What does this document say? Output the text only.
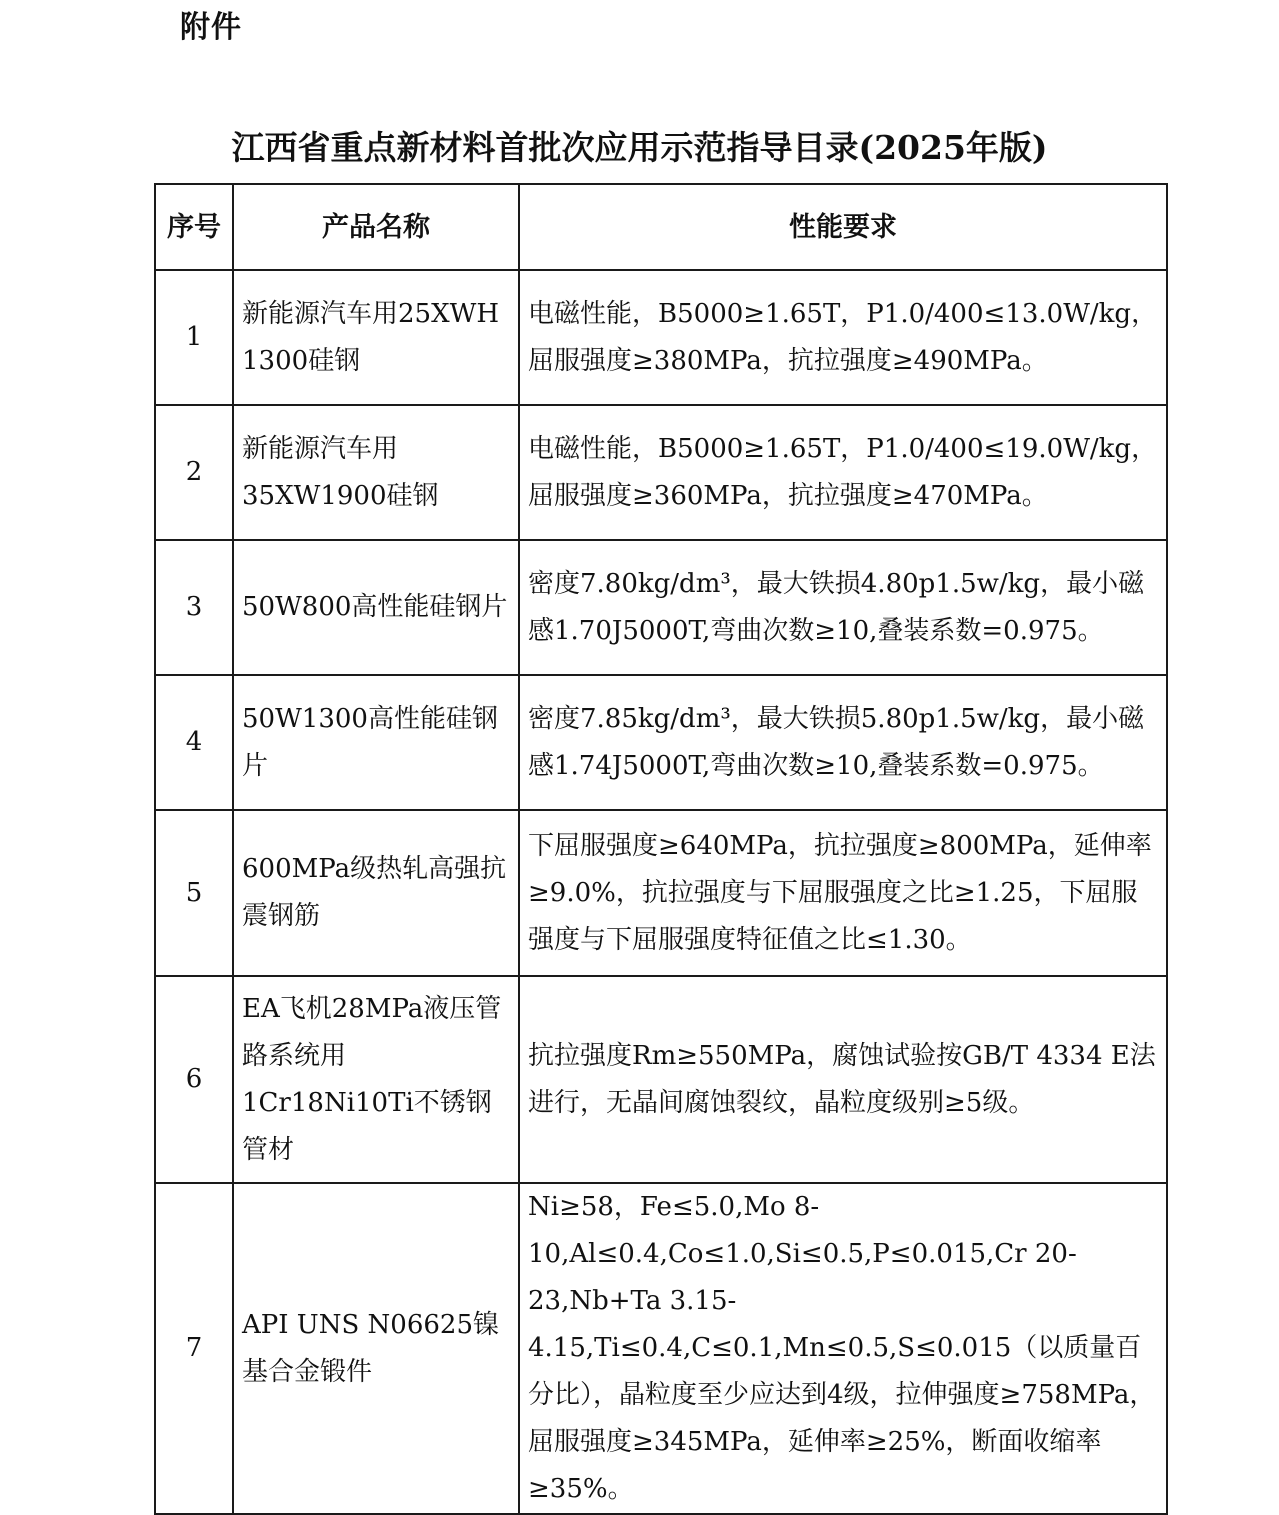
附件
江西省重点新材料首批次应用示范指导目录(2025年版)
序号	产品名称	性能要求
1	新能源汽车用25XWH 1300硅钢	电磁性能，B5000≥1.65T，P1.0/400≤13.0W/kg，屈服强度≥380MPa，抗拉强度≥490MPa。
2	新能源汽车用35XW1900硅钢	电磁性能，B5000≥1.65T，P1.0/400≤19.0W/kg，屈服强度≥360MPa，抗拉强度≥470MPa。
3	50W800高性能硅钢片	密度7.80kg/dm³，最大铁损4.80p1.5w/kg，最小磁感1.70J5000T,弯曲次数≥10,叠装系数=0.975。
4	50W1300高性能硅钢片	密度7.85kg/dm³，最大铁损5.80p1.5w/kg，最小磁感1.74J5000T,弯曲次数≥10,叠装系数=0.975。
5	600MPa级热轧高强抗震钢筋	下屈服强度≥640MPa，抗拉强度≥800MPa，延伸率≥9.0%，抗拉强度与下屈服强度之比≥1.25，下屈服强度与下屈服强度特征值之比≤1.30。
6	EA飞机28MPa液压管路系统用1Cr18Ni10Ti不锈钢管材	抗拉强度Rm≥550MPa，腐蚀试验按GB/T 4334 E法进行，无晶间腐蚀裂纹，晶粒度级别≥5级。
7	API UNS N06625镍基合金锻件	Ni≥58，Fe≤5.0,Mo 8-10,Al≤0.4,Co≤1.0,Si≤0.5,P≤0.015,Cr 20-23,Nb+Ta 3.15-4.15,Ti≤0.4,C≤0.1,Mn≤0.5,S≤0.015（以质量百分比），晶粒度至少应达到4级，拉伸强度≥758MPa，屈服强度≥345MPa，延伸率≥25%，断面收缩率≥35%。
